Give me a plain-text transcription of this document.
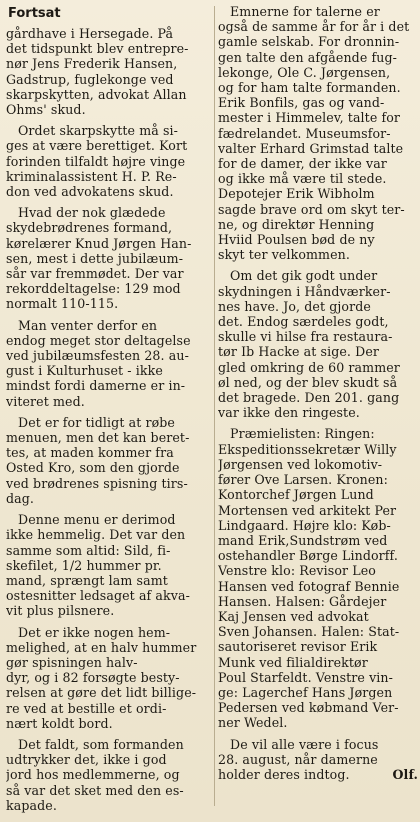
Fortsat
gårdhave i Hersegade. På
det tidspunkt blev entrepre-
nør Jens Frederik Hansen,
Gadstrup, fuglekonge ved
skarpskytten, advokat Allan
Ohms' skud.
Ordet skarpskytte må si-
ges at være berettiget. Kort
forinden tilfaldt højre vinge
kriminalassistent H. P. Re-
don ved advokatens skud.
Hvad der nok glædede
skydebrødrenes formand,
kørelærer Knud Jørgen Han-
sen, mest i dette jubilæum-
sår var fremmødet. Der var
rekorddeltagelse: 129 mod
normalt 110-115.
Man venter derfor en
endog meget stor deltagelse
ved jubilæumsfesten 28. au-
gust i Kulturhuset - ikke
mindst fordi damerne er in-
viteret med.
Det er for tidligt at røbe
menuen, men det kan beret-
tes, at maden kommer fra
Osted Kro, som den gjorde
ved brødrenes spisning tirs-
dag.
Denne menu er derimod
ikke hemmelig. Det var den
samme som altid: Sild, fi-
skefilet, 1/2 hummer pr.
mand, sprængt lam samt
ostesnitter ledsaget af akva-
vit plus pilsnere.
Det er ikke nogen hem-
melighed, at en halv hummer
gør spisningen halv-
dyr, og i 82 forsøgte besty-
relsen at gøre det lidt billige-
re ved at bestille et ordi-
nært koldt bord.
Det faldt, som formanden
udtrykker det, ikke i god
jord hos medlemmerne, og
så var det sket med den es-
kapade.
Emnerne for talerne er
også de samme år for år i det
gamle selskab. For dronnin-
gen talte den afgående fug-
lekonge, Ole C. Jørgensen,
og for ham talte formanden.
Erik Bonfils, gas og vand-
mester i Himmelev, talte for
fædrelandet. Museumsfor-
valter Erhard Grimstad talte
for de damer, der ikke var
og ikke må være til stede.
Depotejer Erik Wibholm
sagde brave ord om skyt ter-
ne, og direktør Henning
Hviid Poulsen bød de ny
skyt ter velkommen.
Om det gik godt under
skydningen i Håndværker-
nes have. Jo, det gjorde
det. Endog særdeles godt,
skulle vi hilse fra restaura-
tør Ib Hacke at sige. Der
gled omkring de 60 rammer
øl ned, og der blev skudt så
det bragede. Den 201. gang
var ikke den ringeste.
Præmielisten: Ringen:
Ekspeditionssekretær Willy
Jørgensen ved lokomotiv-
fører Ove Larsen. Kronen:
Kontorchef Jørgen Lund
Mortensen ved arkitekt Per
Lindgaard. Højre klo: Køb-
mand Erik,Sundstrøm ved
ostehandler Børge Lindorff.
Venstre klo: Revisor Leo
Hansen ved fotograf Bennie
Hansen. Halsen: Gårdejer
Kaj Jensen ved advokat
Sven Johansen. Halen: Stat-
sautoriseret revisor Erik
Munk ved filialdirektør
Poul Starfeldt. Venstre vin-
ge: Lagerchef Hans Jørgen
Pedersen ved købmand Ver-
ner Wedel.
De vil alle være i focus
28. august, når damerne
holder deres indtog.	Olf.
